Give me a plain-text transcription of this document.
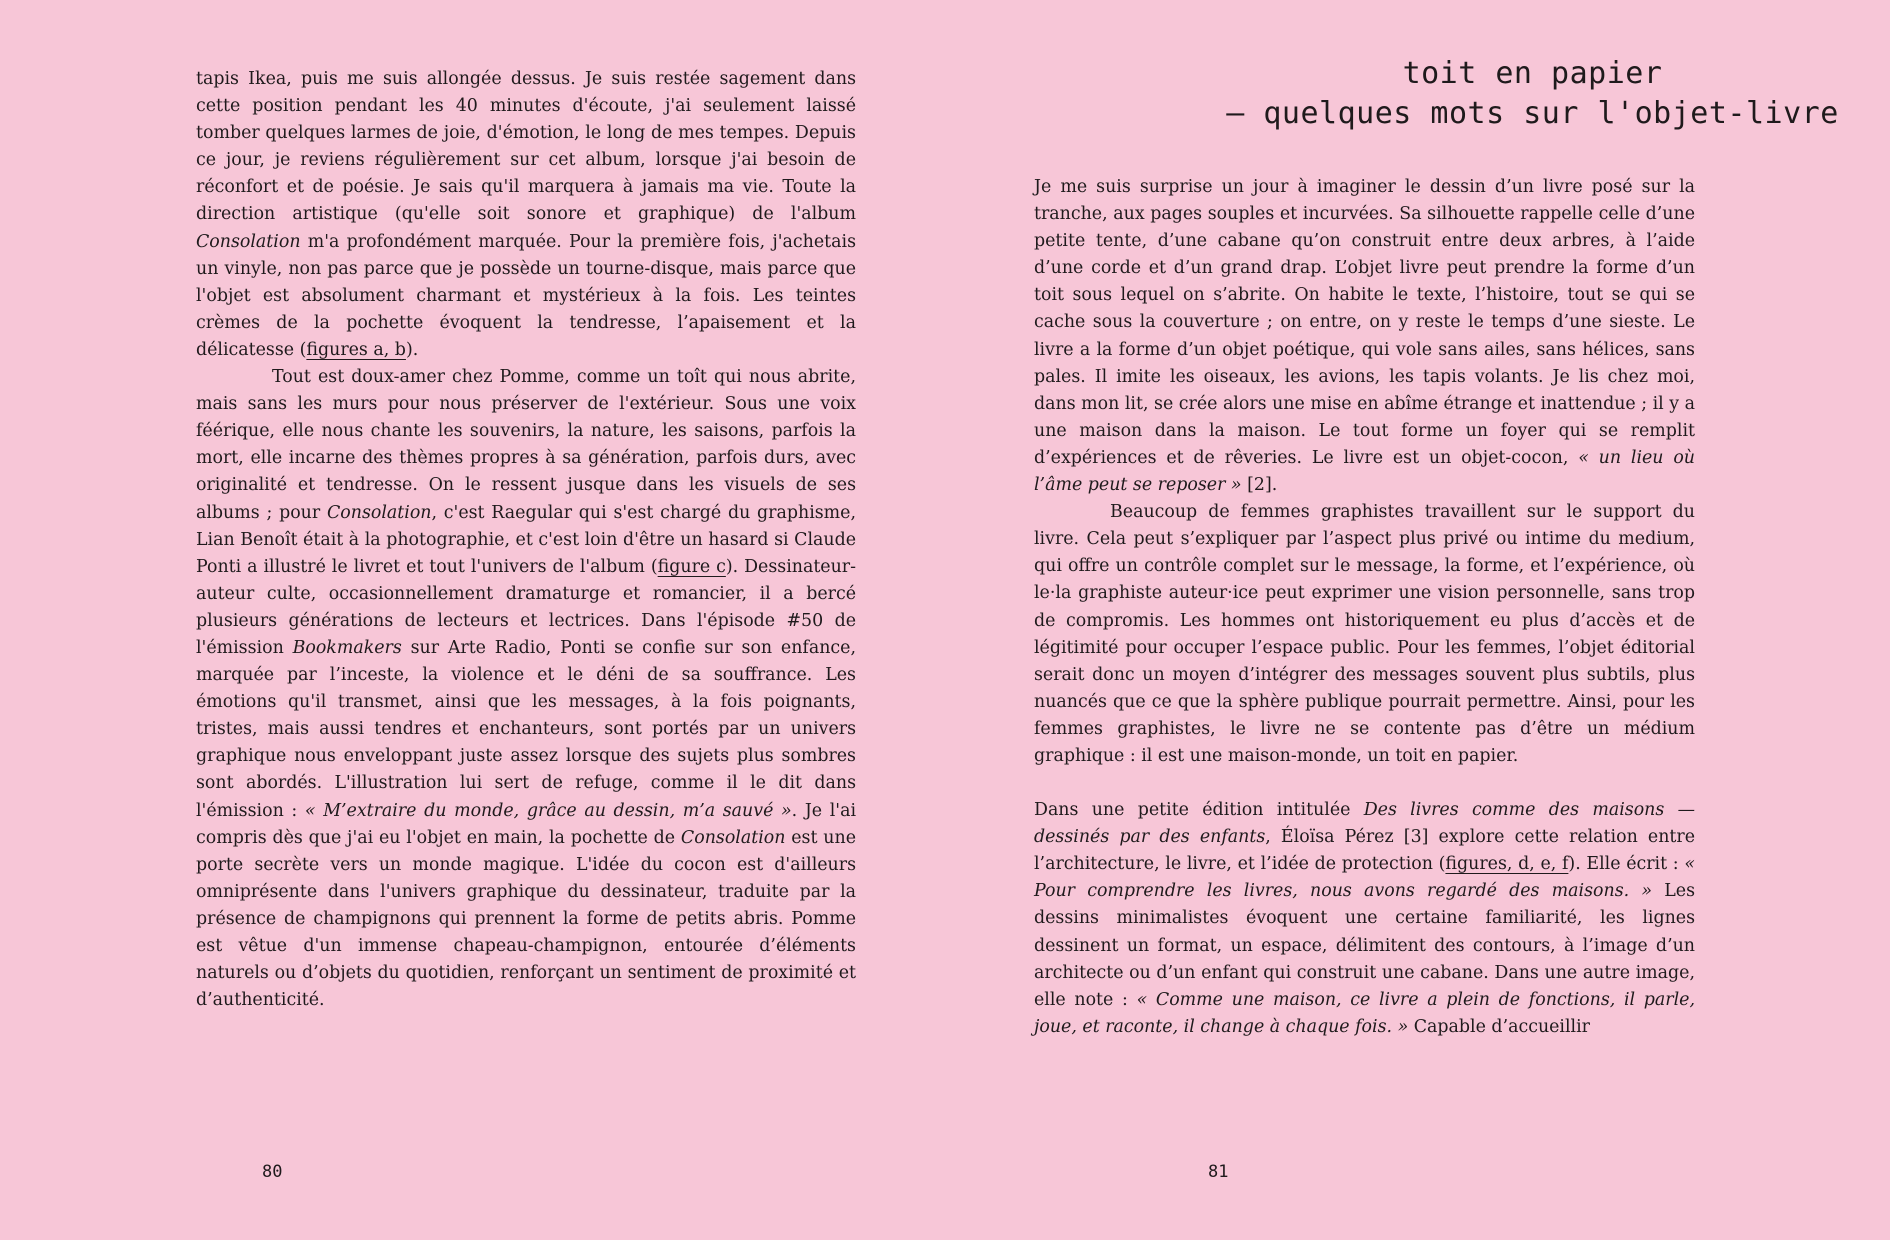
tapis Ikea, puis me suis allongée dessus. Je suis restée sagement dans cette position pendant les 40 minutes d'écoute, j'ai seulement laissé tomber quelques larmes de joie, d'émotion, le long de mes tempes. Depuis ce jour, je reviens régulièrement sur cet album, lorsque j'ai besoin de réconfort et de poésie. Je sais qu'il marquera à jamais ma vie. Toute la direction artistique (qu'elle soit sonore et graphique) de l'album Consolation m'a profondément marquée. Pour la première fois, j'achetais un vinyle, non pas parce que je possède un tourne-disque, mais parce que l'objet est absolument charmant et mystérieux à la fois. Les teintes crèmes de la pochette évoquent la tendresse, l’apaisement et la délicatesse (figures a, b).

Tout est doux-amer chez Pomme, comme un toît qui nous abrite, mais sans les murs pour nous préserver de l'extérieur. Sous une voix féérique, elle nous chante les souvenirs, la nature, les saisons, parfois la mort, elle incarne des thèmes propres à sa génération, parfois durs, avec originalité et tendresse. On le ressent jusque dans les visuels de ses albums ; pour Consolation, c'est Raegular qui s'est chargé du graphisme, Lian Benoît était à la photographie, et c'est loin d'être un hasard si Claude Ponti a illustré le livret et tout l'univers de l'album (figure c). Dessinateur-auteur culte, occasionnellement dramaturge et romancier, il a bercé plusieurs générations de lecteurs et lectrices. Dans l'épisode #50 de l'émission Bookmakers sur Arte Radio, Ponti se confie sur son enfance, marquée par l’inceste, la violence et le déni de sa souffrance. Les émotions qu'il transmet, ainsi que les messages, à la fois poignants, tristes, mais aussi tendres et enchanteurs, sont portés par un univers graphique nous enveloppant juste assez lorsque des sujets plus sombres sont abordés. L'illustration lui sert de refuge, comme il le dit dans l'émission : « M’extraire du monde, grâce au dessin, m’a sauvé ». Je l'ai compris dès que j'ai eu l'objet en main, la pochette de Consolation est une porte secrète vers un monde magique. L'idée du cocon est d'ailleurs omniprésente dans l'univers graphique du dessinateur, traduite par la présence de champignons qui prennent la forme de petits abris. Pomme est vêtue d'un immense chapeau-champignon, entourée d’éléments naturels ou d’objets du quotidien, renforçant un sentiment de proximité et d’authenticité.

80
toit en papier
– quelques mots sur l'objet-livre

Je me suis surprise un jour à imaginer le dessin d’un livre posé sur la tranche, aux pages souples et incurvées. Sa silhouette rappelle celle d’une petite tente, d’une cabane qu’on construit entre deux arbres, à l’aide d’une corde et d’un grand drap. L’objet livre peut prendre la forme d’un toit sous lequel on s’abrite. On habite le texte, l’histoire, tout se qui se cache sous la couverture ; on entre, on y reste le temps d’une sieste. Le livre a la forme d’un objet poétique, qui vole sans ailes, sans hélices, sans pales. Il imite les oiseaux, les avions, les tapis volants. Je lis chez moi, dans mon lit, se crée alors une mise en abîme étrange et inattendue ; il y a une maison dans la maison. Le tout forme un foyer qui se remplit d’expériences et de rêveries. Le livre est un objet-cocon, « un lieu où l’âme peut se reposer » [2].

Beaucoup de femmes graphistes travaillent sur le support du livre. Cela peut s’expliquer par l’aspect plus privé ou intime du medium, qui offre un contrôle complet sur le message, la forme, et l’expérience, où le·la graphiste auteur·ice peut exprimer une vision personnelle, sans trop de compromis. Les hommes ont historiquement eu plus d’accès et de légitimité pour occuper l’espace public. Pour les femmes, l’objet éditorial serait donc un moyen d’intégrer des messages souvent plus subtils, plus nuancés que ce que la sphère publique pourrait permettre. Ainsi, pour les femmes graphistes, le livre ne se contente pas d’être un médium graphique : il est une maison-monde, un toit en papier.

Dans une petite édition intitulée Des livres comme des maisons — dessinés par des enfants, Éloïsa Pérez [3] explore cette relation entre l’architecture, le livre, et l’idée de protection (figures, d, e, f). Elle écrit : « Pour comprendre les livres, nous avons regardé des maisons. » Les dessins minimalistes évoquent une certaine familiarité, les lignes dessinent un format, un espace, délimitent des contours, à l’image d’un architecte ou d’un enfant qui construit une cabane. Dans une autre image, elle note : « Comme une maison, ce livre a plein de fonctions, il parle, joue, et raconte, il change à chaque fois. » Capable d’accueillir

81
